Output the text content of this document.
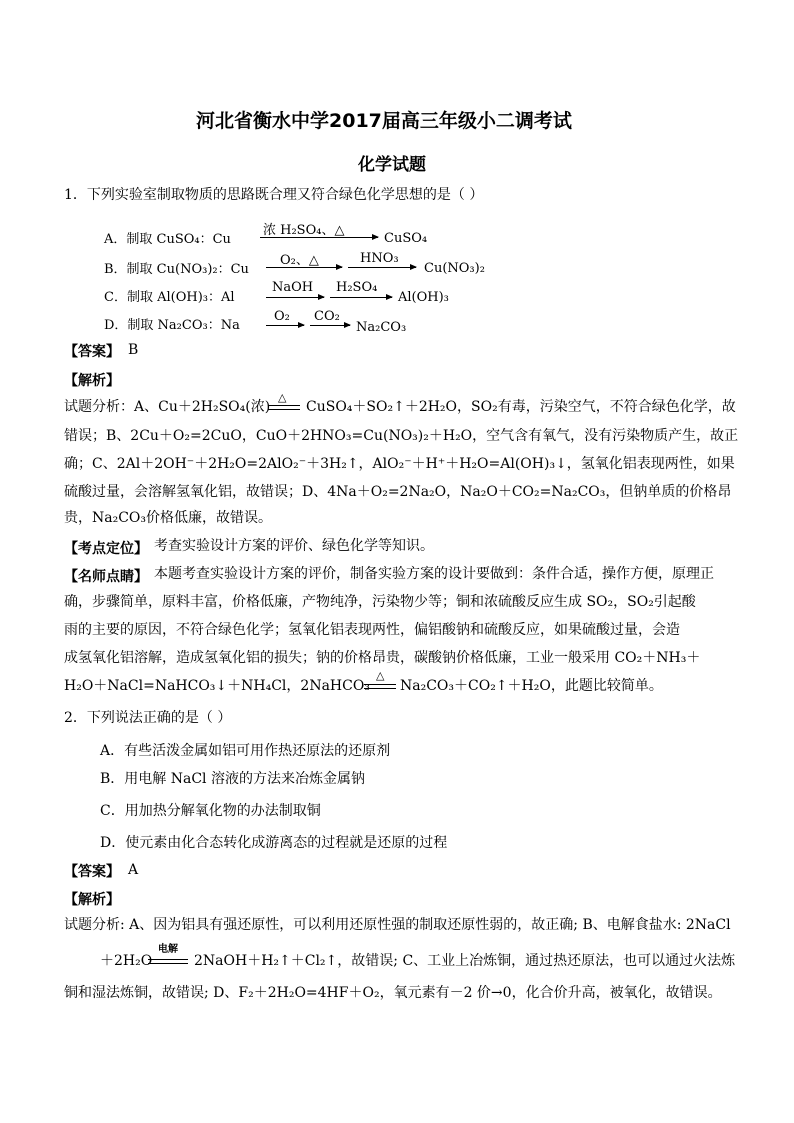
河北省衡水中学2017届高三年级小二调考试
化学试题
1．下列实验室制取物质的思路既合理又符合绿色化学思想的是（ ）
A．制取 CuSO₄：Cu
浓 H₂SO₄、△
CuSO₄
B．制取 Cu(NO₃)₂：Cu
O₂、△	HNO₃
Cu(NO₃)₂
C．制取 Al(OH)₃：Al
NaOH H₂SO₄
Al(OH)₃
D．制取 Na₂CO₃：Na
O₂ CO₂
Na₂CO₃
【答案】 B
【解析】
试题分析：A、Cu＋2H₂SO₄(浓)
△
CuSO₄＋SO₂↑＋2H₂O，SO₂有毒，污染空气，不符合绿色化学，故
错误；B、2Cu＋O₂=2CuO，CuO＋2HNO₃=Cu(NO₃)₂＋H₂O，空气含有氧气，没有污染物质产生，故正
确；C、2Al＋2OH⁻＋2H₂O=2AlO₂⁻＋3H₂↑，AlO₂⁻＋H⁺＋H₂O=Al(OH)₃↓，氢氧化铝表现两性，如果
硫酸过量，会溶解氢氧化铝，故错误；D、4Na＋O₂=2Na₂O，Na₂O＋CO₂=Na₂CO₃，但钠单质的价格昂
贵，Na₂CO₃价格低廉，故错误。
【考点定位】 考查实验设计方案的评价、绿色化学等知识。
【名师点睛】 本题考查实验设计方案的评价，制备实验方案的设计要做到：条件合适，操作方便，原理正
确，步骤简单，原料丰富，价格低廉，产物纯净，污染物少等；铜和浓硫酸反应生成 SO₂，SO₂引起酸
雨的主要的原因，不符合绿色化学；氢氧化铝表现两性，偏铝酸钠和硫酸反应，如果硫酸过量，会造
成氢氧化铝溶解，造成氢氧化铝的损失；钠的价格昂贵，碳酸钠价格低廉，工业一般采用 CO₂＋NH₃＋
H₂O＋NaCl=NaHCO₃↓＋NH₄Cl，2NaHCO₃
△
Na₂CO₃＋CO₂↑＋H₂O，此题比较简单。
2．下列说法正确的是（ ）
A．有些活泼金属如铝可用作热还原法的还原剂
B．用电解 NaCl 溶液的方法来冶炼金属钠
C．用加热分解氧化物的办法制取铜
D．使元素由化合态转化成游离态的过程就是还原的过程
【答案】 A
【解析】
试题分析: A、因为铝具有强还原性，可以利用还原性强的制取还原性弱的，故正确; B、电解食盐水: 2NaCl
＋2H₂O
电解
2NaOH＋H₂↑＋Cl₂↑，故错误; C、工业上冶炼铜，通过热还原法，也可以通过火法炼
铜和湿法炼铜，故错误; D、F₂＋2H₂O=4HF＋O₂，氧元素有－2 价→0，化合价升高，被氧化，故错误。
